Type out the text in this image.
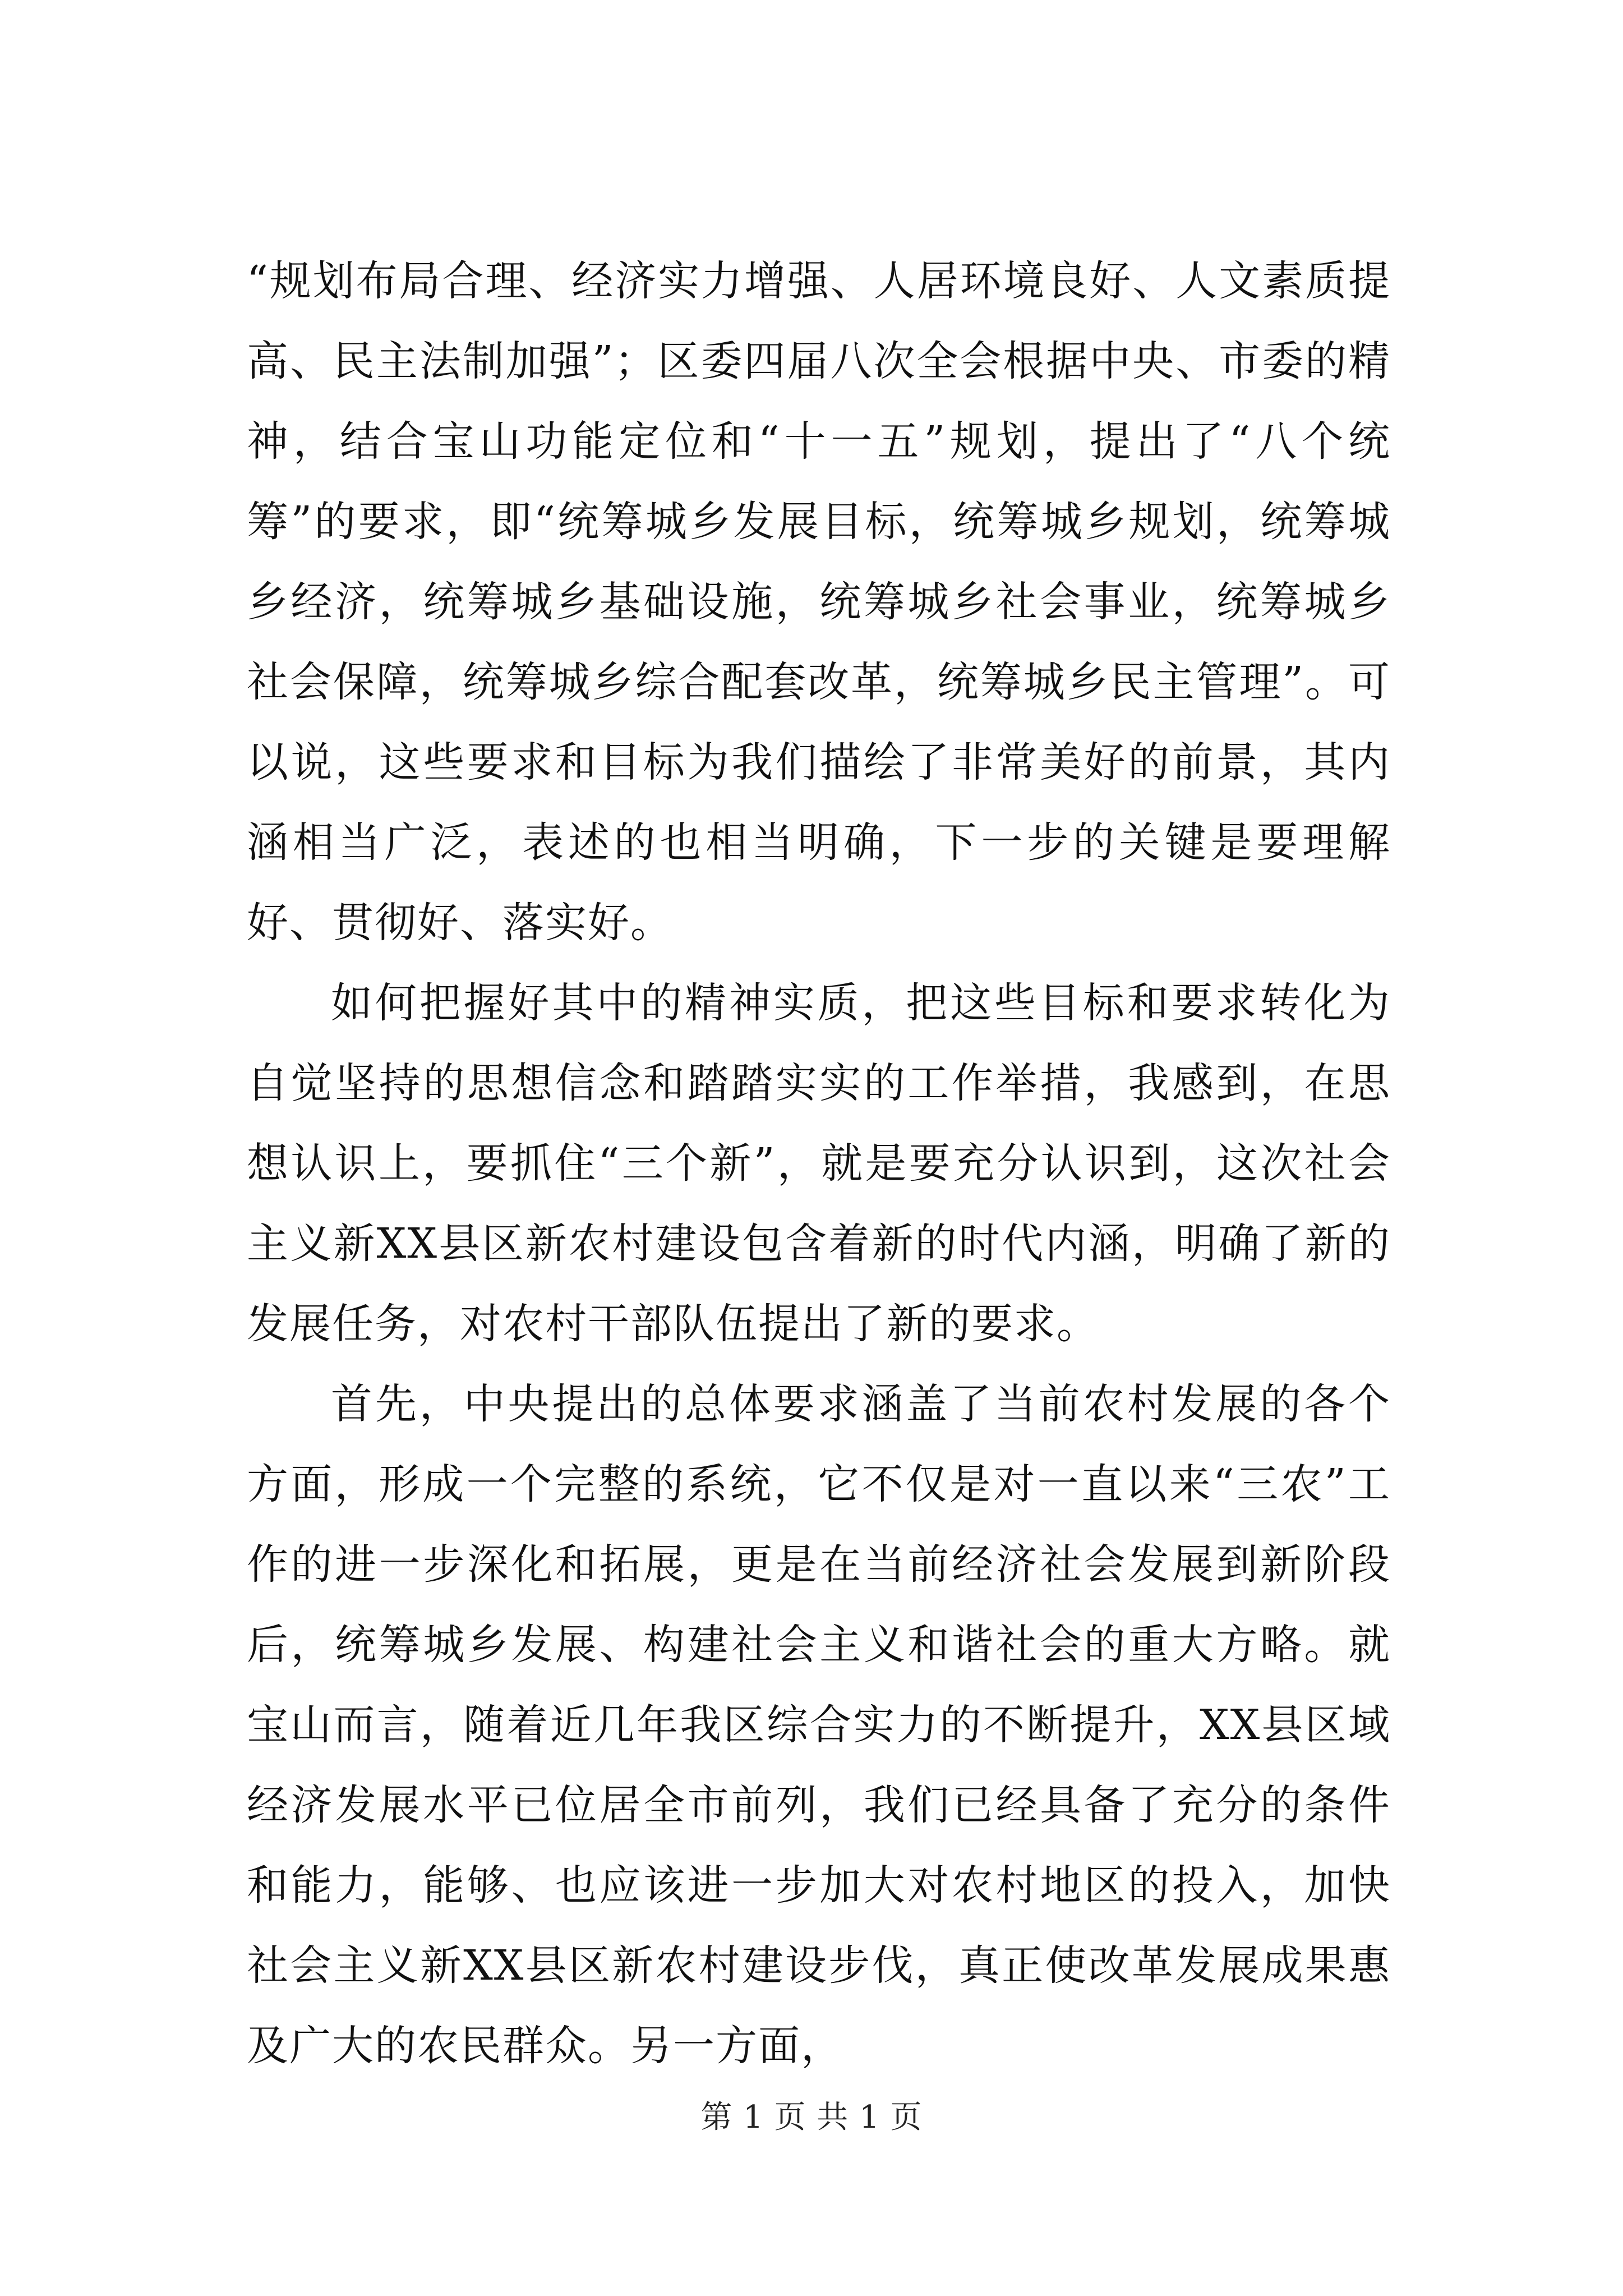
“规划布局合理、经济实力增强、人居环境良好、人文素质提高、民主法制加强”；区委四届八次全会根据中央、市委的精神，结合宝山功能定位和“十一五”规划，提出了“八个统筹”的要求，即“统筹城乡发展目标，统筹城乡规划，统筹城乡经济，统筹城乡基础设施，统筹城乡社会事业，统筹城乡社会保障，统筹城乡综合配套改革，统筹城乡民主管理”。可以说，这些要求和目标为我们描绘了非常美好的前景，其内涵相当广泛，表述的也相当明确，下一步的关键是要理解好、贯彻好、落实好。

如何把握好其中的精神实质，把这些目标和要求转化为自觉坚持的思想信念和踏踏实实的工作举措，我感到，在思想认识上，要抓住“三个新”，就是要充分认识到，这次社会主义新XX县区新农村建设包含着新的时代内涵，明确了新的发展任务，对农村干部队伍提出了新的要求。

首先，中央提出的总体要求涵盖了当前农村发展的各个方面，形成一个完整的系统，它不仅是对一直以来“三农”工作的进一步深化和拓展，更是在当前经济社会发展到新阶段后，统筹城乡发展、构建社会主义和谐社会的重大方略。就宝山而言，随着近几年我区综合实力的不断提升，XX县区域经济发展水平已位居全市前列，我们已经具备了充分的条件和能力，能够、也应该进一步加大对农村地区的投入，加快社会主义新XX县区新农村建设步伐，真正使改革发展成果惠及广大的农民群众。另一方面，

第 1 页 共 1 页
